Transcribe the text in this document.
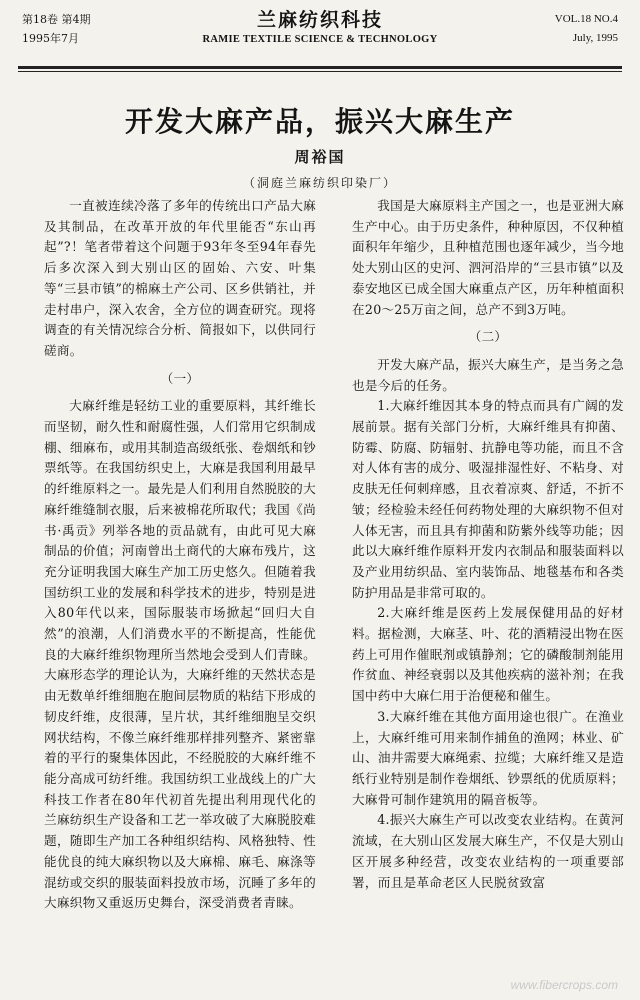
第18卷 第4期
1995年7月
兰麻纺织科技
RAMIE TEXTILE SCIENCE & TECHNOLOGY
VOL.18 NO.4
July, 1995
开发大麻产品，振兴大麻生产
周裕国
（洞庭兰麻纺织印染厂）

一直被连续冷落了多年的传统出口产品大麻及其制品，在改革开放的年代里能否“东山再起”?！笔者带着这个问题于93年冬至94年春先后多次深入到大别山区的固始、六安、叶集等“三县市镇”的棉麻土产公司、区乡供销社，并走村串户，深入农舍，全方位的调查研究。现将调查的有关情况综合分析、简报如下，以供同行磋商。

（一）

大麻纤维是轻纺工业的重要原料，其纤维长而坚韧，耐久性和耐腐性强，人们常用它织制成棚、细麻布，或用其制造高级纸张、卷烟纸和钞票纸等。在我国纺织史上，大麻是我国利用最早的纤维原料之一。最先是人们利用自然脱胶的大麻纤维缝制衣服，后来被棉花所取代；我国《尚书·禹贡》列举各地的贡品就有，由此可见大麻制品的价值；河南曾出土商代的大麻布残片，这充分证明我国大麻生产加工历史悠久。但随着我国纺织工业的发展和科学技术的进步，特别是进入80年代以来，国际服装市场掀起“回归大自然”的浪潮，人们消费水平的不断提高，性能优良的大麻纤维织物理所当然地会受到人们青睐。大麻形态学的理论认为，大麻纤维的天然状态是由无数单纤维细胞在胞间层物质的粘结下形成的韧皮纤维，皮很薄，呈片状，其纤维细胞呈交织网状结构，不像兰麻纤维那样排列整齐、紧密靠着的平行的聚集体因此，不经脱胶的大麻纤维不能分高成可纺纤维。我国纺织工业战线上的广大科技工作者在80年代初首先提出利用现代化的兰麻纺织生产设备和工艺一举攻破了大麻脱胶难题，随即生产加工各种组织结构、风格独特、性能优良的纯大麻织物以及大麻棉、麻毛、麻涤等混纺或交织的服装面料投放市场，沉睡了多年的大麻织物又重返历史舞台，深受消费者青睐。

我国是大麻原料主产国之一，也是亚洲大麻生产中心。由于历史条件，种种原因，不仅种植面积年年缩少，且种植范围也逐年减少，当今地处大别山区的史河、泗河沿岸的“三县市镇”以及泰安地区已成全国大麻重点产区，历年种植面积在20～25万亩之间，总产不到3万吨。

（二）

开发大麻产品，振兴大麻生产，是当务之急也是今后的任务。

1.大麻纤维因其本身的特点而具有广阔的发展前景。据有关部门分析，大麻纤维具有抑菌、防霉、防腐、防辐射、抗静电等功能，而且不含对人体有害的成分、吸湿排湿性好、不粘身、对皮肤无任何刺痒感，且衣着凉爽、舒适，不折不皱；经检验未经任何药物处理的大麻织物不但对人体无害，而且具有抑菌和防紫外线等功能；因此以大麻纤维作原料开发内衣制品和服装面料以及产业用纺织品、室内装饰品、地毯基布和各类防护用品是非常可取的。

2.大麻纤维是医药上发展保健用品的好材料。据检测，大麻茎、叶、花的酒精浸出物在医药上可用作催眠剂或镇静剂；它的磷酸制剂能用作贫血、神经衰弱以及其他疾病的滋补剂；在我国中药中大麻仁用于治便秘和催生。

3.大麻纤维在其他方面用途也很广。在渔业上，大麻纤维可用来制作捕鱼的渔网；林业、矿山、油井需要大麻绳索、拉缆；大麻纤维又是造纸行业特别是制作卷烟纸、钞票纸的优质原料；大麻骨可制作建筑用的隔音板等。

4.振兴大麻生产可以改变农业结构。在黄河流域，在大别山区发展大麻生产，不仅是大别山区开展多种经营，改变农业结构的一项重要部署，而且是革命老区人民脱贫致富

www.fibercrops.com
